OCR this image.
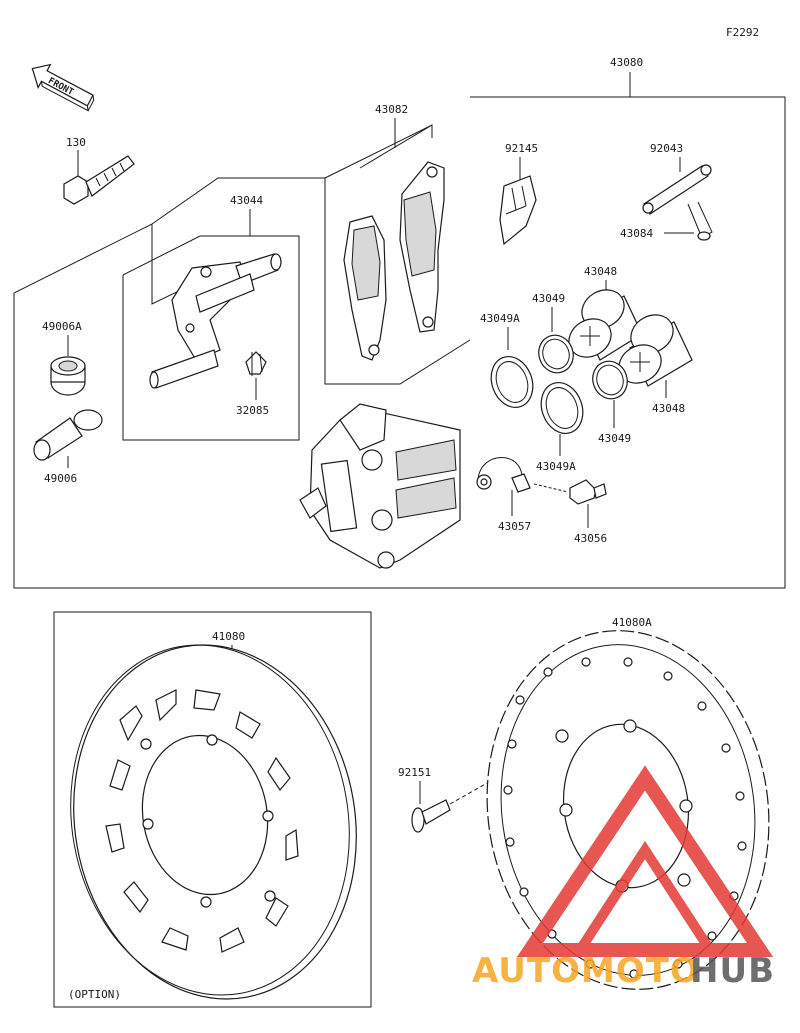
F2292
FRONT
43080
43082
43044
130
49006A
49006
32085
92145	92043
43084
43048
43048
43049
43049
43049A
43049A
43057
43056
(OPTION)
41080
92151
41080A
AUTOMOTO
HUB
